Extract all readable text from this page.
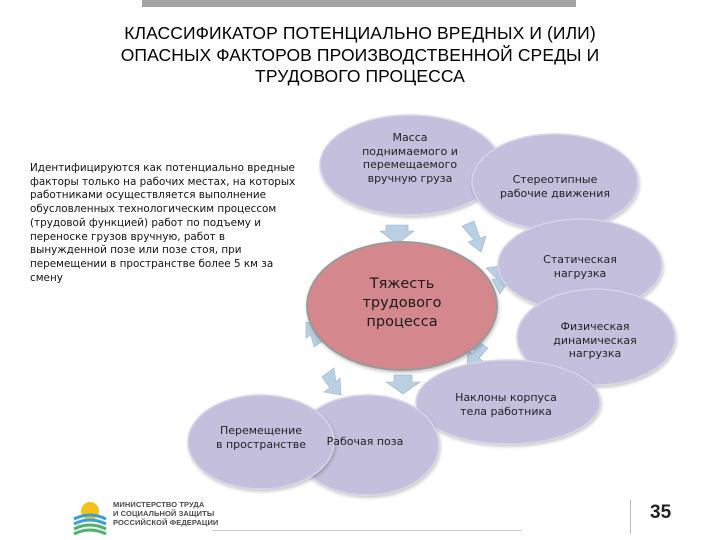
КЛАССИФИКАТОР ПОТЕНЦИАЛЬНО ВРЕДНЫХ И (ИЛИ)
ОПАСНЫХ ФАКТОРОВ ПРОИЗВОДСТВЕННОЙ СРЕДЫ И
ТРУДОВОГО ПРОЦЕССА
Идентифицируются как потенциально вредные
факторы только на рабочих местах, на которых
работниками осуществляется выполнение
обусловленных технологическим процессом
(трудовой функцией) работ по подъему и
переноске грузов вручную, работ в
вынужденной позе или позе стоя, при
перемещении в пространстве более 5 км за
смену	Тяжесть
трудового
процесса
Масса
поднимаемого и
перемещаемого
вручную груза	Стереотипные
рабочие движения
Статическая
нагрузка
Физическая
динамическая
нагрузка
Наклоны корпуса
тела работника
Рабочая поза
Перемещение
в пространстве
МИНИСТЕРСТВО ТРУДА
И СОЦИАЛЬНОЙ ЗАЩИТЫ
РОССИЙСКОЙ ФЕДЕРАЦИИ	35
